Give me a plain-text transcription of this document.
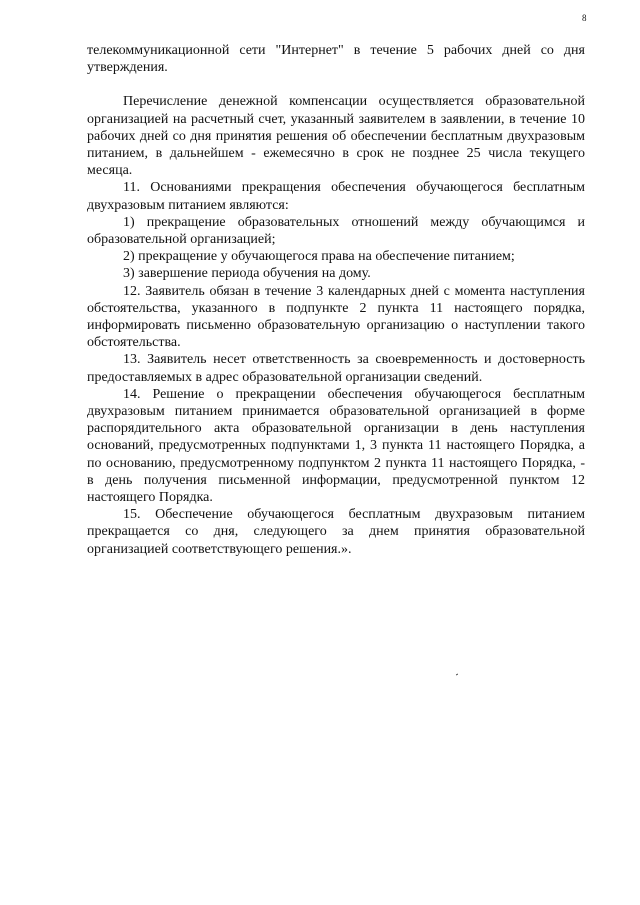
8

телекоммуникационной сети "Интернет" в течение 5 рабочих дней со дня утверждения.

Перечисление денежной компенсации осуществляется образовательной организацией на расчетный счет, указанный заявителем в заявлении, в течение 10 рабочих дней со дня принятия решения об обеспечении бесплатным двухразовым питанием, в дальнейшем - ежемесячно в срок не позднее 25 числа текущего месяца.

11. Основаниями прекращения обеспечения обучающегося бесплатным двухразовым питанием являются:

1) прекращение образовательных отношений между обучающимся и образовательной организацией;

2) прекращение у обучающегося права на обеспечение питанием;

3) завершение периода обучения на дому.

12. Заявитель обязан в течение 3 календарных дней с момента наступления обстоятельства, указанного в подпункте 2 пункта 11 настоящего порядка, информировать письменно образовательную организацию о наступлении такого обстоятельства.

13. Заявитель несет ответственность за своевременность и достоверность предоставляемых в адрес образовательной организации сведений.

14. Решение о прекращении обеспечения обучающегося бесплатным двухразовым питанием принимается образовательной организацией в форме распорядительного акта образовательной организации в день наступления оснований, предусмотренных подпунктами 1, 3 пункта 11 настоящего Порядка, а по основанию, предусмотренному подпунктом 2 пункта 11 настоящего Порядка, - в день получения письменной информации, предусмотренной пунктом 12 настоящего Порядка.

15. Обеспечение обучающегося бесплатным двухразовым питанием прекращается со дня, следующего за днем принятия образовательной организацией соответствующего решения.».
